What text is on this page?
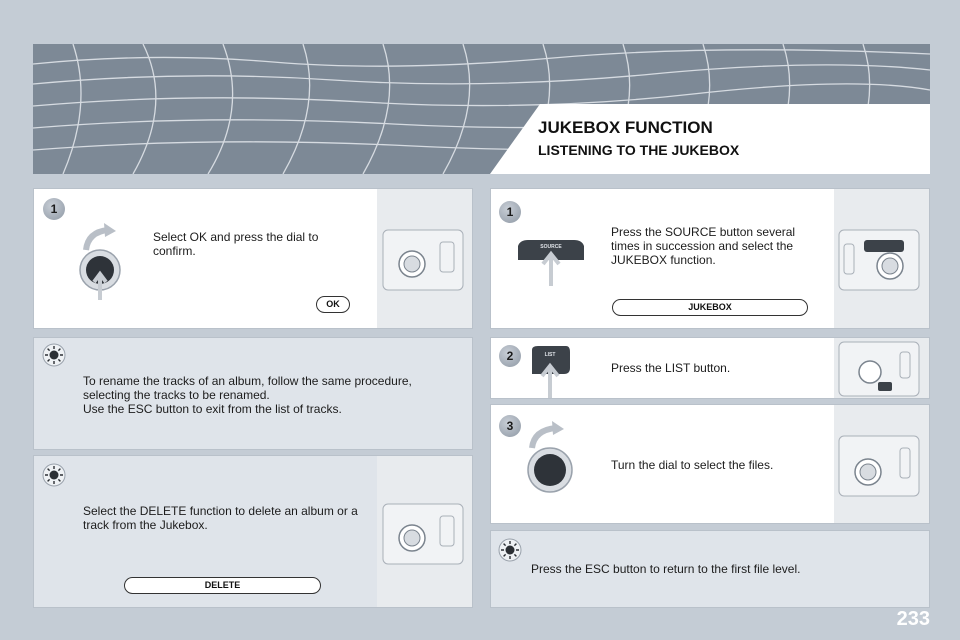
JUKEBOX FUNCTION
LISTENING TO THE JUKEBOX
1
Select OK and press the dial to confirm.
OK
To rename the tracks of an album, follow the same procedure, selecting the tracks to be renamed.
Use the ESC button to exit from the list of tracks.
Select the DELETE function to delete an album or a track from the Jukebox.
DELETE
1
SOURCE
Press the SOURCE button several times in succession and select the JUKEBOX function.
JUKEBOX
2	LIST
Press the LIST button.
3
Turn the dial to select the files.
Press the ESC button to return to the first file level.
233
